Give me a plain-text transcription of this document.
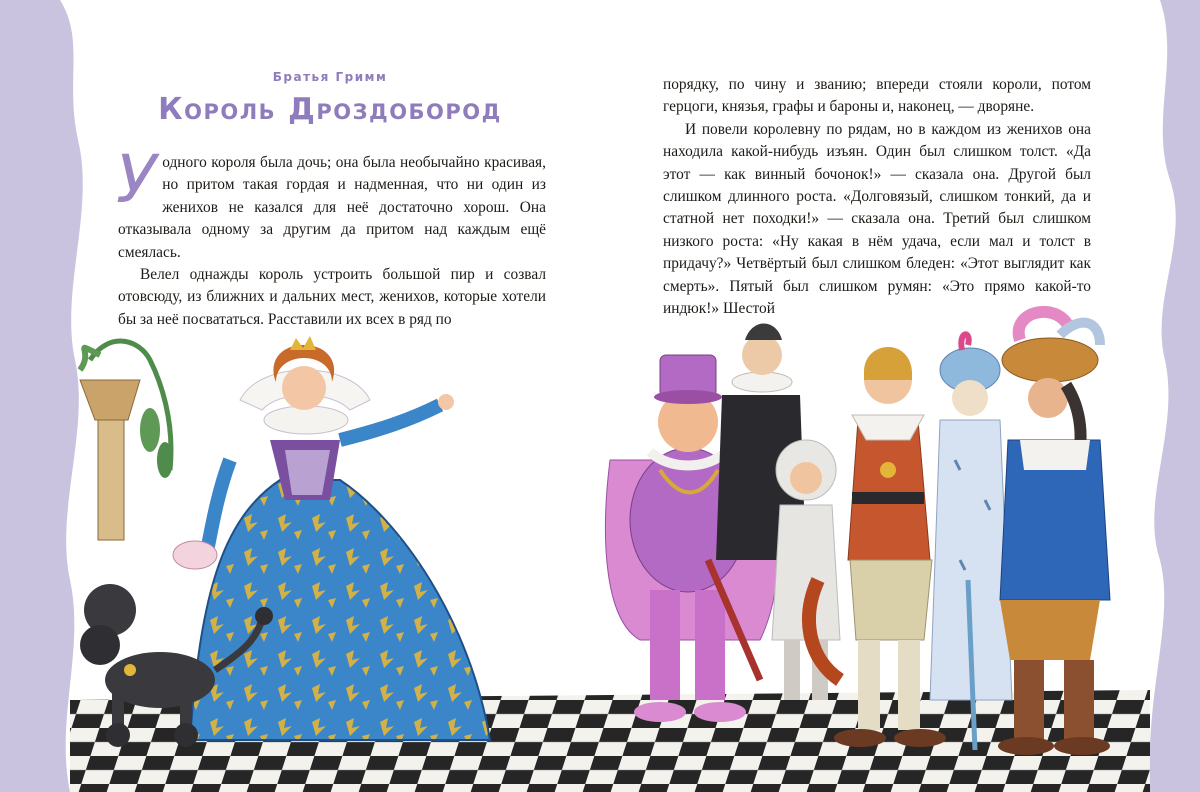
Братья Гримм
Король Дроздобород

У одного короля была дочь; она была необычайно красивая, но притом такая гордая и надменная, что ни один из женихов не казался для неё достаточно хорош. Она отказывала одному за другим да притом над каждым ещё смеялась.

Велел однажды король устроить большой пир и созвал отовсюду, из ближних и дальних мест, женихов, которые хотели бы за неё посвататься. Расставили их всех в ряд по

порядку, по чину и званию; впереди стояли короли, потом герцоги, князья, графы и бароны и, наконец, — дворяне.

И повели королевну по рядам, но в каждом из женихов она находила какой-нибудь изъян. Один был слишком толст. «Да этот — как винный бочонок!» — сказала она. Другой был слишком длинного роста. «Долговязый, слишком тонкий, да и статной нет походки!» — сказала она. Третий был слишком низкого роста: «Ну какая в нём удача, если мал и толст в придачу?» Четвёртый был слишком бледен: «Этот выглядит как смерть». Пятый был слишком румян: «Это прямо какой-то индюк!» Шестой
